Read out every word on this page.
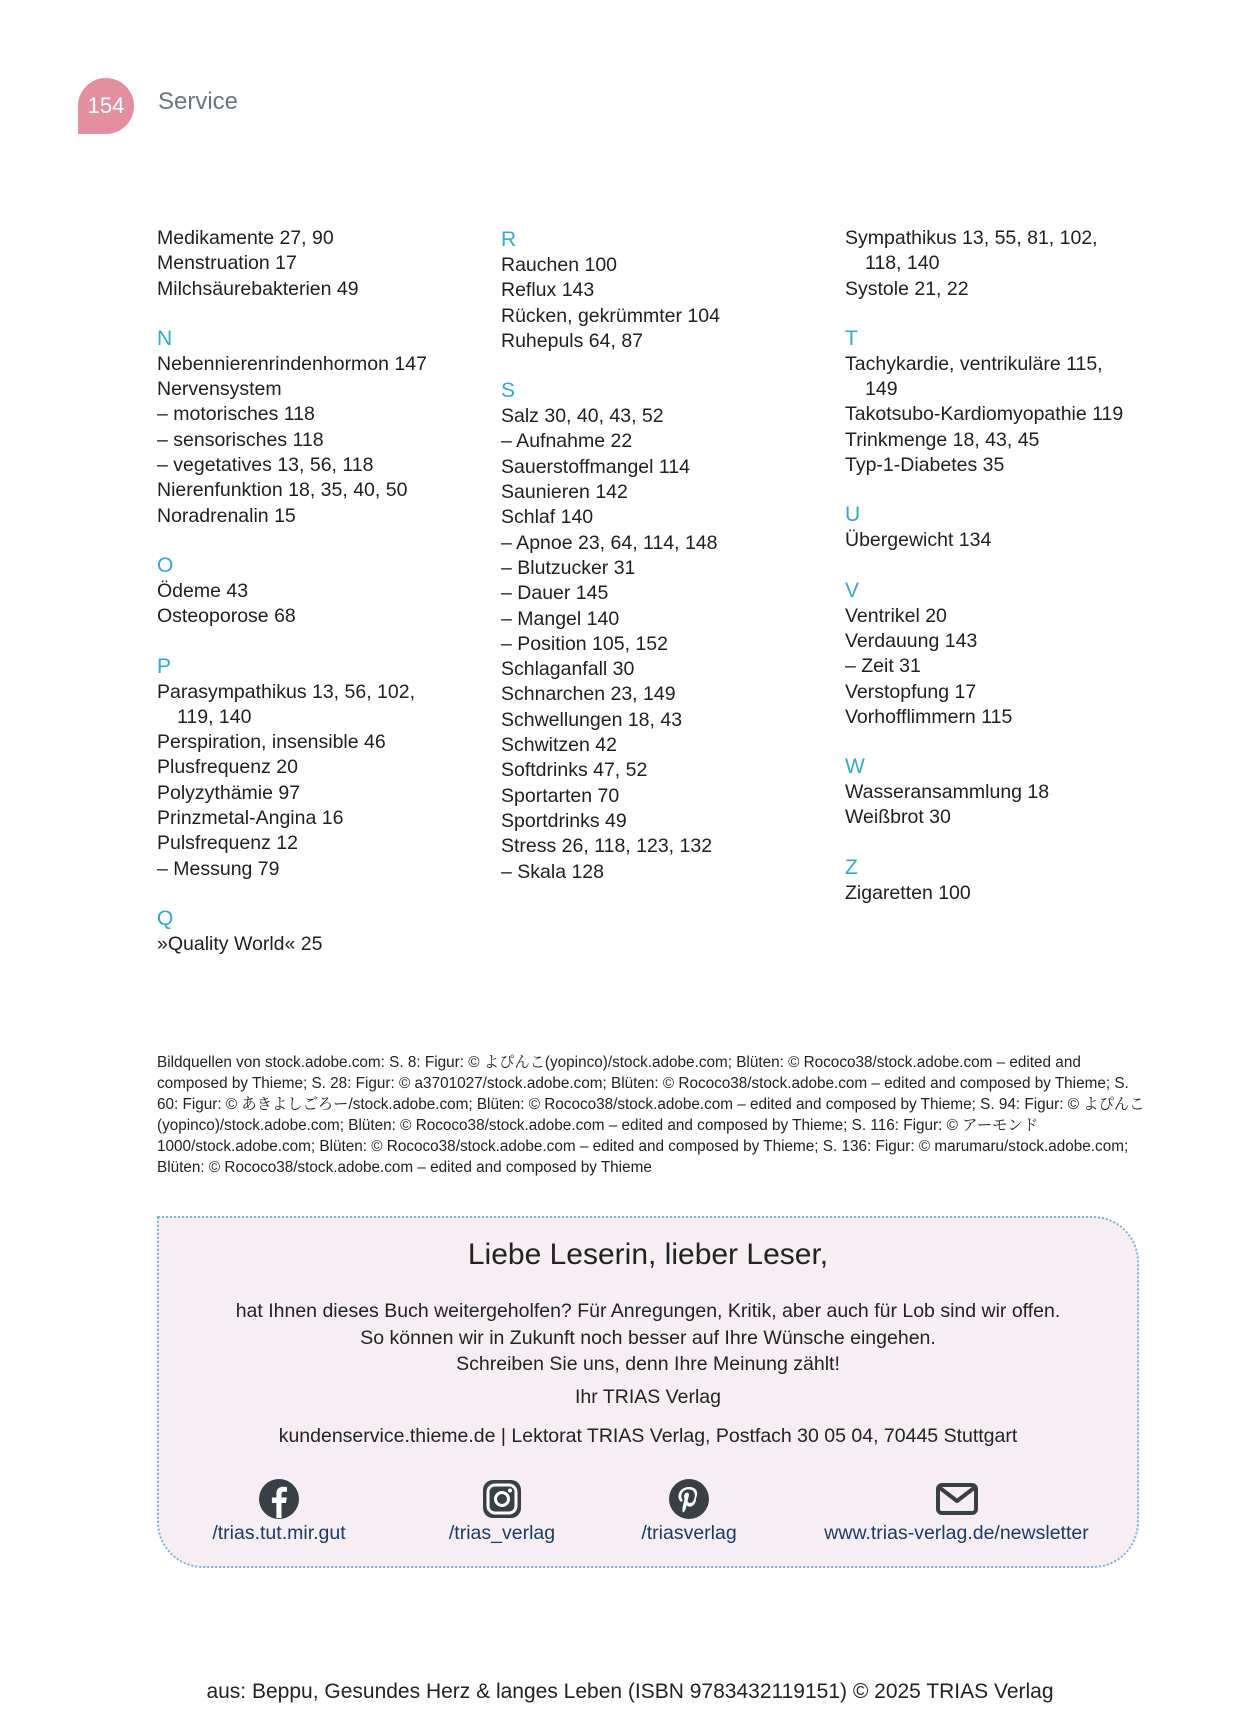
154	Service
Medikamente 27, 90
Menstruation 17
Milchsäurebakterien 49
N
Nebennierenrindenhormon 147
Nervensystem
– motorisches 118
– sensorisches 118
– vegetatives 13, 56, 118
Nierenfunktion 18, 35, 40, 50
Noradrenalin 15
O
Ödeme 43
Osteoporose 68
P
Parasympathikus 13, 56, 102,
119, 140
Perspiration, insensible 46
Plusfrequenz 20
Polyzythämie 97
Prinzmetal-Angina 16
Pulsfrequenz 12
– Messung 79
Q
»Quality World« 25
R
Rauchen 100
Reflux 143
Rücken, gekrümmter 104
Ruhepuls 64, 87
S
Salz 30, 40, 43, 52
– Aufnahme 22
Sauerstoffmangel 114
Saunieren 142
Schlaf 140
– Apnoe 23, 64, 114, 148
– Blutzucker 31
– Dauer 145
– Mangel 140
– Position 105, 152
Schlaganfall 30
Schnarchen 23, 149
Schwellungen 18, 43
Schwitzen 42
Softdrinks 47, 52
Sportarten 70
Sportdrinks 49
Stress 26, 118, 123, 132
– Skala 128
Sympathikus 13, 55, 81, 102,
118, 140
Systole 21, 22
T
Tachykardie, ventrikuläre 115,
149
Takotsubo-Kardiomyopathie 119
Trinkmenge 18, 43, 45
Typ-1-Diabetes 35
U
Übergewicht 134
V
Ventrikel 20
Verdauung 143
– Zeit 31
Verstopfung 17
Vorhofflimmern 115
W
Wasseransammlung 18
Weißbrot 30
Z
Zigaretten 100
Bildquellen von stock.adobe.com: S. 8: Figur: © よぴんこ(yopinco)/stock.adobe.com; Blüten: © Rococo38/stock.adobe.com – edited and composed by Thieme; S. 28: Figur: © a3701027/stock.adobe.com; Blüten: © Rococo38/stock.adobe.com – edited and composed by Thieme; S. 60: Figur: © あきよしごろー/stock.adobe.com; Blüten: © Rococo38/stock.adobe.com – edited and composed by Thieme; S. 94: Figur: © よぴんこ(yopinco)/stock.adobe.com; Blüten: © Rococo38/stock.adobe.com – edited and composed by Thieme; S. 116: Figur: © アーモンド1000/stock.adobe.com; Blüten: © Rococo38/stock.adobe.com – edited and composed by Thieme; S. 136: Figur: © marumaru/stock.adobe.com; Blüten: © Rococo38/stock.adobe.com – edited and composed by Thieme
Liebe Leserin, lieber Leser,
hat Ihnen dieses Buch weitergeholfen? Für Anregungen, Kritik, aber auch für Lob sind wir offen.
So können wir in Zukunft noch besser auf Ihre Wünsche eingehen.
Schreiben Sie uns, denn Ihre Meinung zählt!
Ihr TRIAS Verlag
kundenservice.thieme.de | Lektorat TRIAS Verlag, Postfach 30 05 04, 70445 Stuttgart
/trias.tut.mir.gut	/trias_verlag	/triasverlag	www.trias-verlag.de/newsletter
aus: Beppu, Gesundes Herz & langes Leben (ISBN 9783432119151) © 2025 TRIAS Verlag
